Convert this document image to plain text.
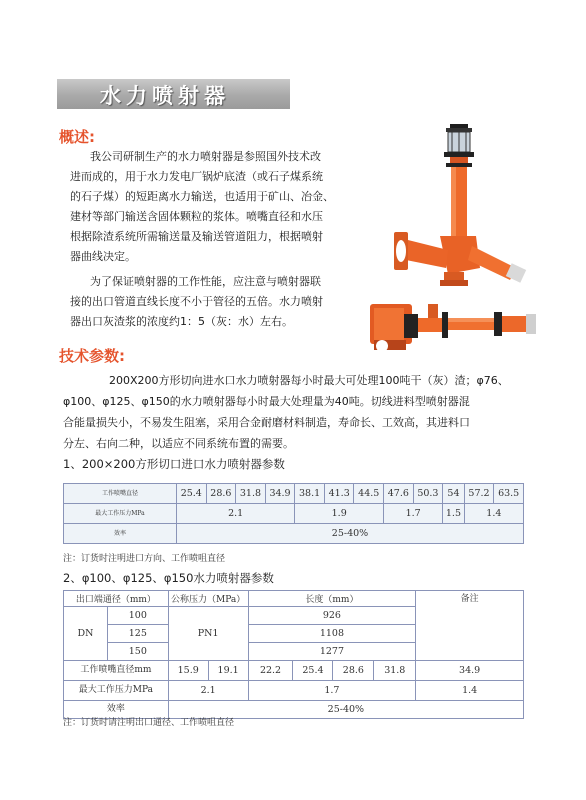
水力喷射器
概述:
我公司研制生产的水力喷射器是参照国外技术改
进而成的，用于水力发电厂锅炉底渣（或石子煤系统
的石子煤）的短距离水力输送，也适用于矿山、冶金、
建材等部门输送含固体颗粒的浆体。喷嘴直径和水压
根据除渣系统所需输送量及输送管道阻力，根据喷射
器曲线决定。
为了保证喷射器的工作性能，应注意与喷射器联
接的出口管道直线长度不小于管径的五倍。水力喷射
器出口灰渣浆的浓度约1：5（灰：水）左右。
技术参数:
200X200方形切向进水口水力喷射器每小时最大可处理100吨干（灰）渣；φ76、
φ100、φ125、φ150的水力喷射器每小时最大处理量为40吨。切线进料型喷射器混
合能量损失小，不易发生阻塞，采用合金耐磨材料制造，寿命长、工效高，其进料口
分左、右向二种，以适应不同系统布置的需要。
1、200×200方形切口进口水力喷射器参数
工作喷嘴直径	25.4	28.6	31.8	34.9	38.1	41.3	44.5	47.6	50.3	54	57.2	63.5
最大工作压力MPa	2.1				1.9			1.7		1.5	1.4	
效率	25-40%											
注：订货时注明进口方向、工作喷咀直径
2、φ100、φ125、φ150水力喷射器参数
出口端通径（mm）		公称压力（MPa）		长度（mm）				备注
DN	100	PN1		926				
	125			1108				
	150			1277				
工作喷嘴直径mm		15.9	19.1	22.2	25.4	28.6	31.8	34.9
最大工作压力MPa		2.1		1.7				1.4
效率		25-40%						
注：订货时请注明出口通径、工作喷咀直径
